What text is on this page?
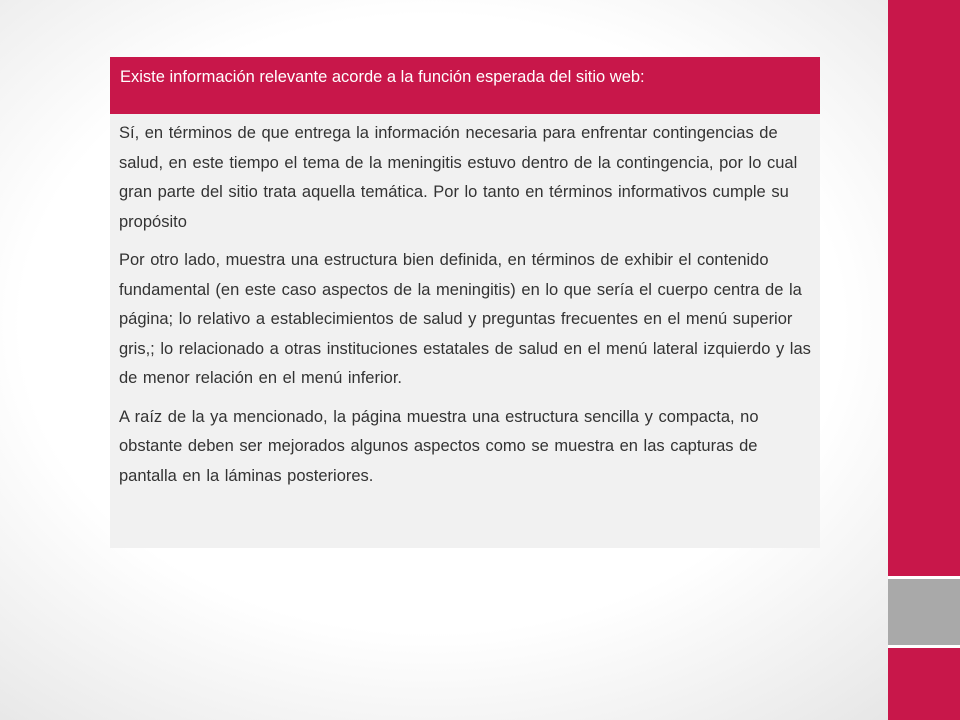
Existe información relevante acorde a la función esperada del sitio web:

Sí, en términos de que entrega la información necesaria para enfrentar contingencias de salud, en este tiempo el tema de la meningitis estuvo dentro de la contingencia, por lo cual gran parte del sitio trata aquella temática. Por lo tanto en términos informativos cumple su propósito

Por otro lado, muestra una estructura bien definida, en términos de exhibir el contenido fundamental (en este caso aspectos de la meningitis) en lo que sería el cuerpo centra de la página; lo relativo a establecimientos de salud y preguntas frecuentes en el menú superior gris,; lo relacionado a otras instituciones estatales de salud en el menú lateral izquierdo y las de menor relación en el menú inferior.

A raíz de la ya mencionado, la página muestra una estructura sencilla y compacta, no obstante deben ser mejorados algunos aspectos como se muestra en las capturas de pantalla en la láminas posteriores.
